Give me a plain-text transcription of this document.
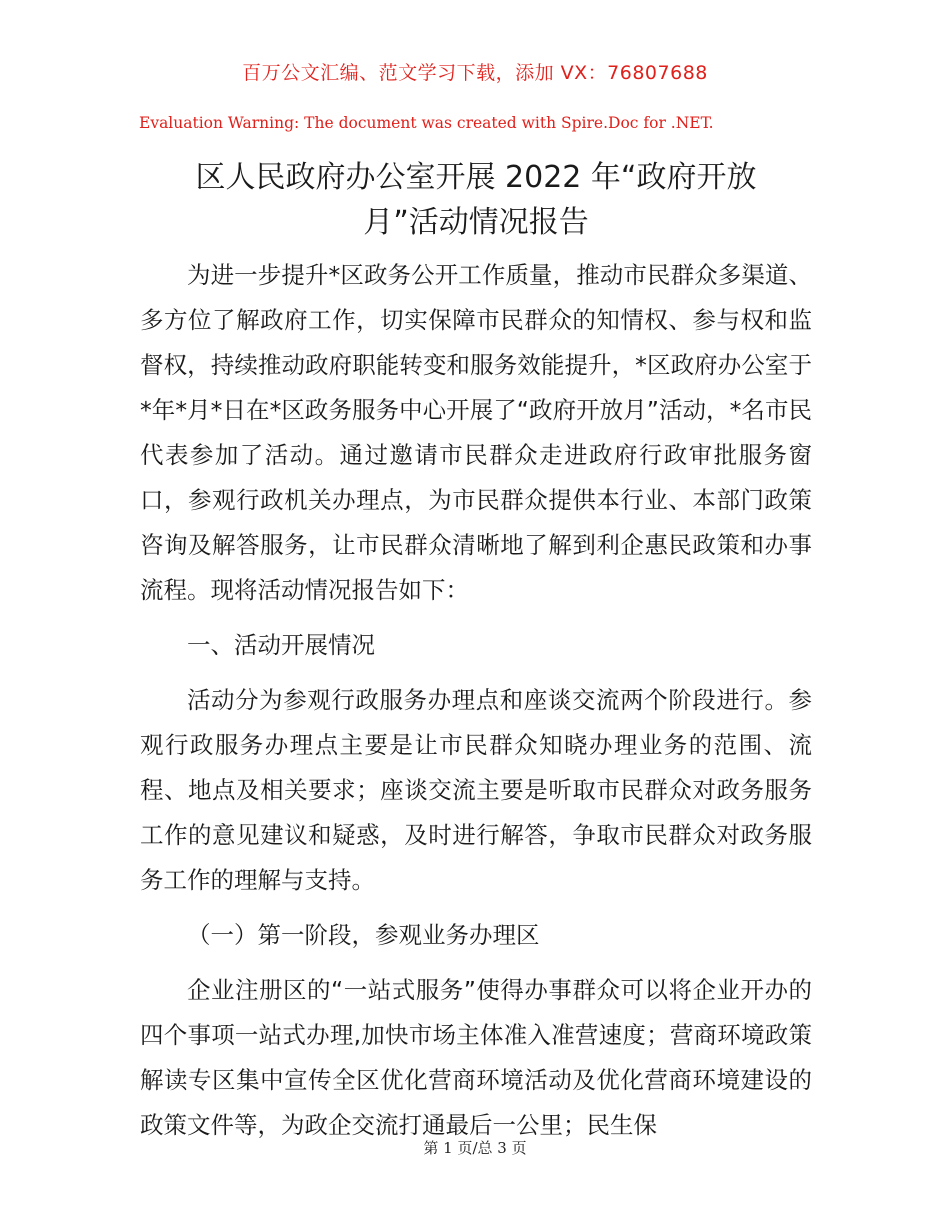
百万公文汇编、范文学习下载，添加 VX：76807688
Evaluation Warning: The document was created with Spire.Doc for .NET.
区人民政府办公室开展 2022 年“政府开放
月”活动情况报告

为进一步提升*区政务公开工作质量，推动市民群众多渠道、多方位了解政府工作，切实保障市民群众的知情权、参与权和监督权，持续推动政府职能转变和服务效能提升，*区政府办公室于*年*月*日在*区政务服务中心开展了“政府开放月”活动，*名市民代表参加了活动。通过邀请市民群众走进政府行政审批服务窗口，参观行政机关办理点，为市民群众提供本行业、本部门政策咨询及解答服务，让市民群众清晰地了解到利企惠民政策和办事流程。现将活动情况报告如下：

一、活动开展情况

活动分为参观行政服务办理点和座谈交流两个阶段进行。参观行政服务办理点主要是让市民群众知晓办理业务的范围、流程、地点及相关要求；座谈交流主要是听取市民群众对政务服务工作的意见建议和疑惑，及时进行解答，争取市民群众对政务服务工作的理解与支持。

（一）第一阶段，参观业务办理区

企业注册区的“一站式服务”使得办事群众可以将企业开办的四个事项一站式办理,加快市场主体准入准营速度；营商环境政策解读专区集中宣传全区优化营商环境活动及优化营商环境建设的政策文件等，为政企交流打通最后一公里；民生保

第 1 页/总 3 页
